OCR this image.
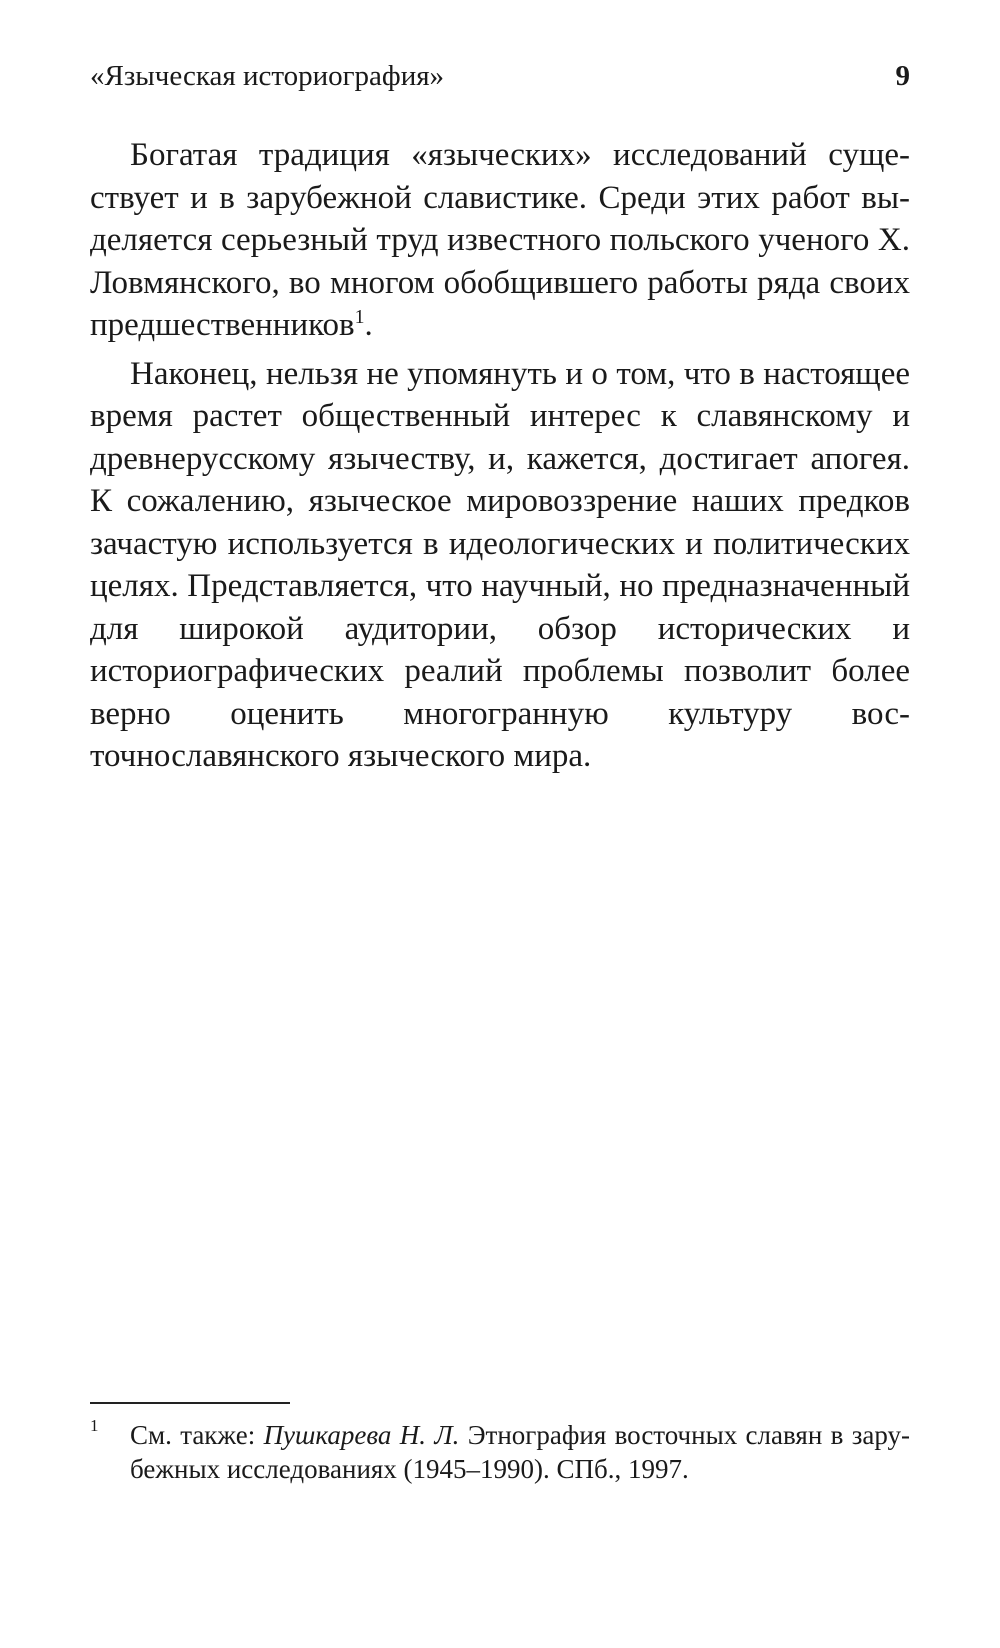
«Языческая историография»	9

Богатая традиция «языческих» исследований существует и в зарубежной славистике. Среди этих работ выделяется серьезный труд известного польского ученого Х. Ловмянского, во многом обобщившего работы ряда своих предшественников$^1$.

Наконец, нельзя не упомянуть и о том, что в настоящее время растет общественный интерес к славянскому и древнерусскому язычеству, и, кажется, достигает апогея. К сожалению, языческое мировоззрение наших предков зачастую используется в идеологических и политических целях. Представляется, что научный, но предназначенный для широкой аудитории, обзор исторических и историографических реалий проблемы позволит более верно оценить многогранную культуру восточнославянского языческого мира.

1 См. также: Пушкарева Н. Л. Этнография восточных славян в зарубежных исследованиях (1945–1990). СПб., 1997.
